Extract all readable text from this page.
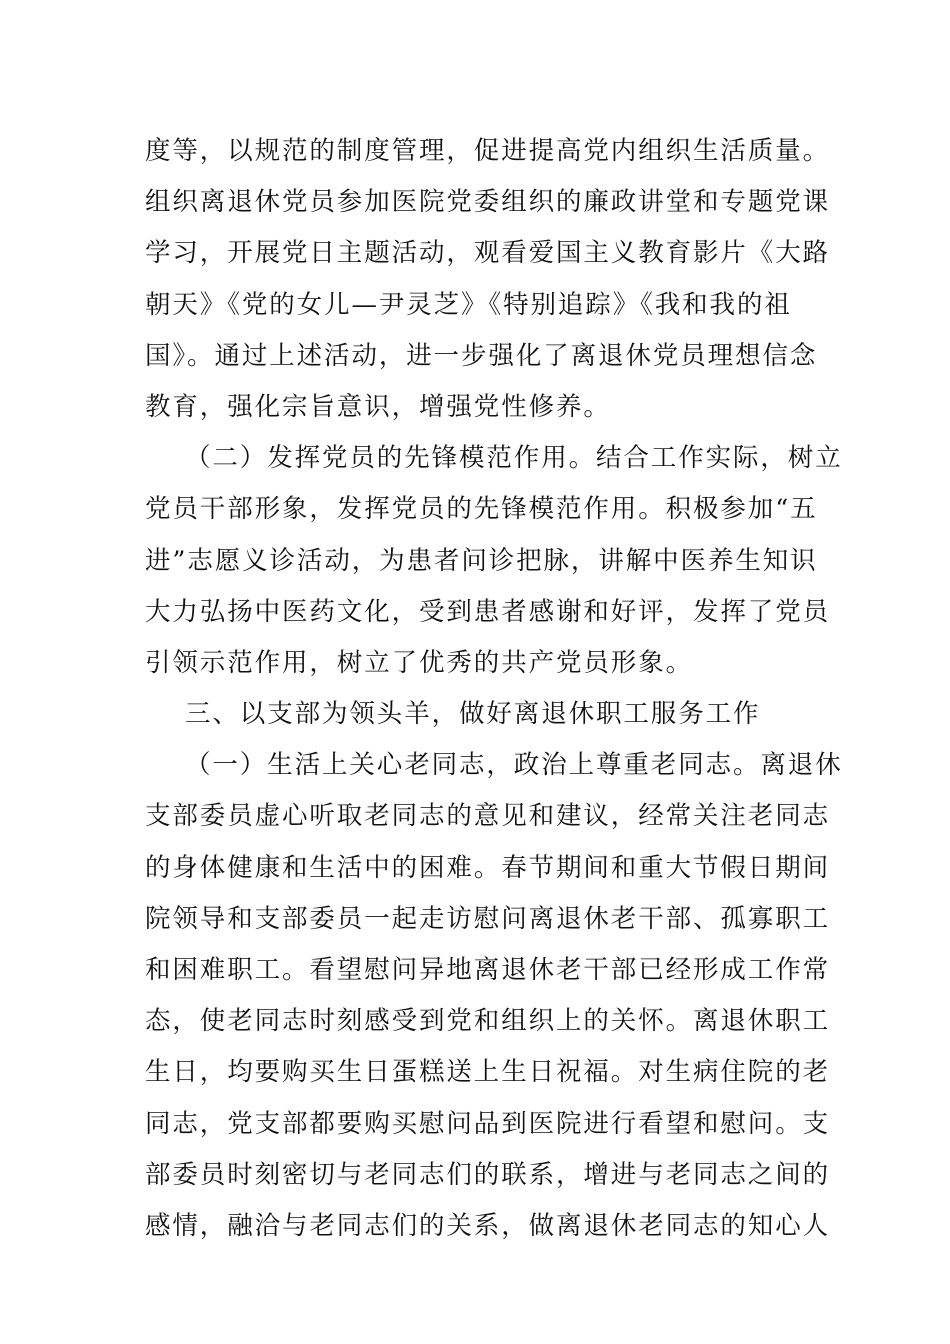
度等，以规范的制度管理，促进提高党内组织生活质量。
组织离退休党员参加医院党委组织的廉政讲堂和专题党课
学习，开展党日主题活动，观看爱国主义教育影片《大路
朝天》《党的女儿—尹灵芝》《特别追踪》《我和我的祖
国》。通过上述活动，进一步强化了离退休党员理想信念
教育，强化宗旨意识，增强党性修养。
（二）发挥党员的先锋模范作用。结合工作实际，树立
党员干部形象，发挥党员的先锋模范作用。积极参加“五
进”志愿义诊活动，为患者问诊把脉，讲解中医养生知识
大力弘扬中医药文化，受到患者感谢和好评，发挥了党员
引领示范作用，树立了优秀的共产党员形象。
三、以支部为领头羊，做好离退休职工服务工作
（一）生活上关心老同志，政治上尊重老同志。离退休
支部委员虚心听取老同志的意见和建议，经常关注老同志
的身体健康和生活中的困难。春节期间和重大节假日期间
院领导和支部委员一起走访慰问离退休老干部、孤寡职工
和困难职工。看望慰问异地离退休老干部已经形成工作常
态，使老同志时刻感受到党和组织上的关怀。离退休职工
生日，均要购买生日蛋糕送上生日祝福。对生病住院的老
同志，党支部都要购买慰问品到医院进行看望和慰问。支
部委员时刻密切与老同志们的联系，增进与老同志之间的
感情，融洽与老同志们的关系，做离退休老同志的知心人
